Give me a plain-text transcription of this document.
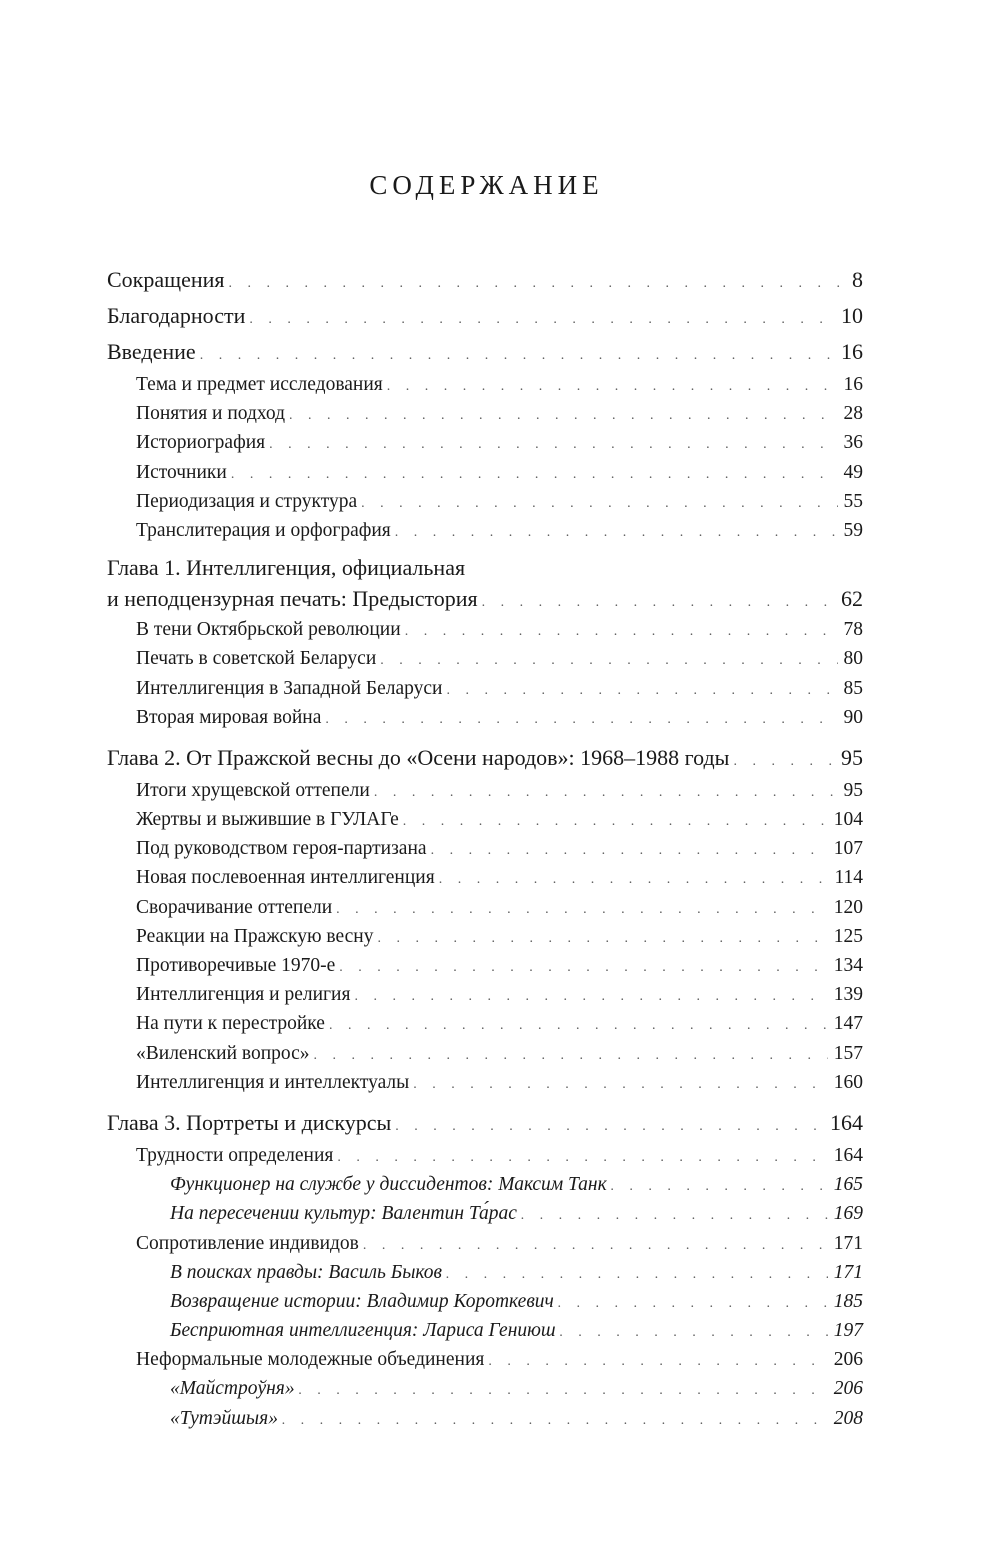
СОДЕРЖАНИЕ
Сокращения . . .	8
Благодарности . . .	10
Введение . . .	16
Тема и предмет исследования . . .	16
Понятия и подход . . .	28
Историография . . .	36
Источники . . .	49
Периодизация и структура . . .	55
Транслитерация и орфография . . .	59
Глава 1. Интеллигенция, официальная
и неподцензурная печать: Предыстория . . .	62
В тени Октябрьской революции . . .	78
Печать в советской Беларуси . . .	80
Интеллигенция в Западной Беларуси . . .	85
Вторая мировая война . . .	90
Глава 2. От Пражской весны до «Осени народов»: 1968–1988 годы . . .	95
Итоги хрущевской оттепели . . .	95
Жертвы и выжившие в ГУЛАГе . . .	104
Под руководством героя-партизана . . .	107
Новая послевоенная интеллигенция . . .	114
Сворачивание оттепели . . .	120
Реакции на Пражскую весну . . .	125
Противоречивые 1970-е . . .	134
Интеллигенция и религия . . .	139
На пути к перестройке . . .	147
«Виленский вопрос» . . .	157
Интеллигенция и интеллектуалы . . .	160
Глава 3. Портреты и дискурсы . . .	164
Трудности определения . . .	164
Функционер на службе у диссидентов: Максим Танк . . .	165
На пересечении культур: Валентин Та́рас . . .	169
Сопротивление индивидов . . .	171
В поисках правды: Василь Быков . . .	171
Возвращение истории: Владимир Короткевич . . .	185
Бесприютная интеллигенция: Лариса Гениюш . . .	197
Неформальные молодежные объединения . . .	206
«Майстроўня» . . .	206
«Тутэйшыя» . . .	208
